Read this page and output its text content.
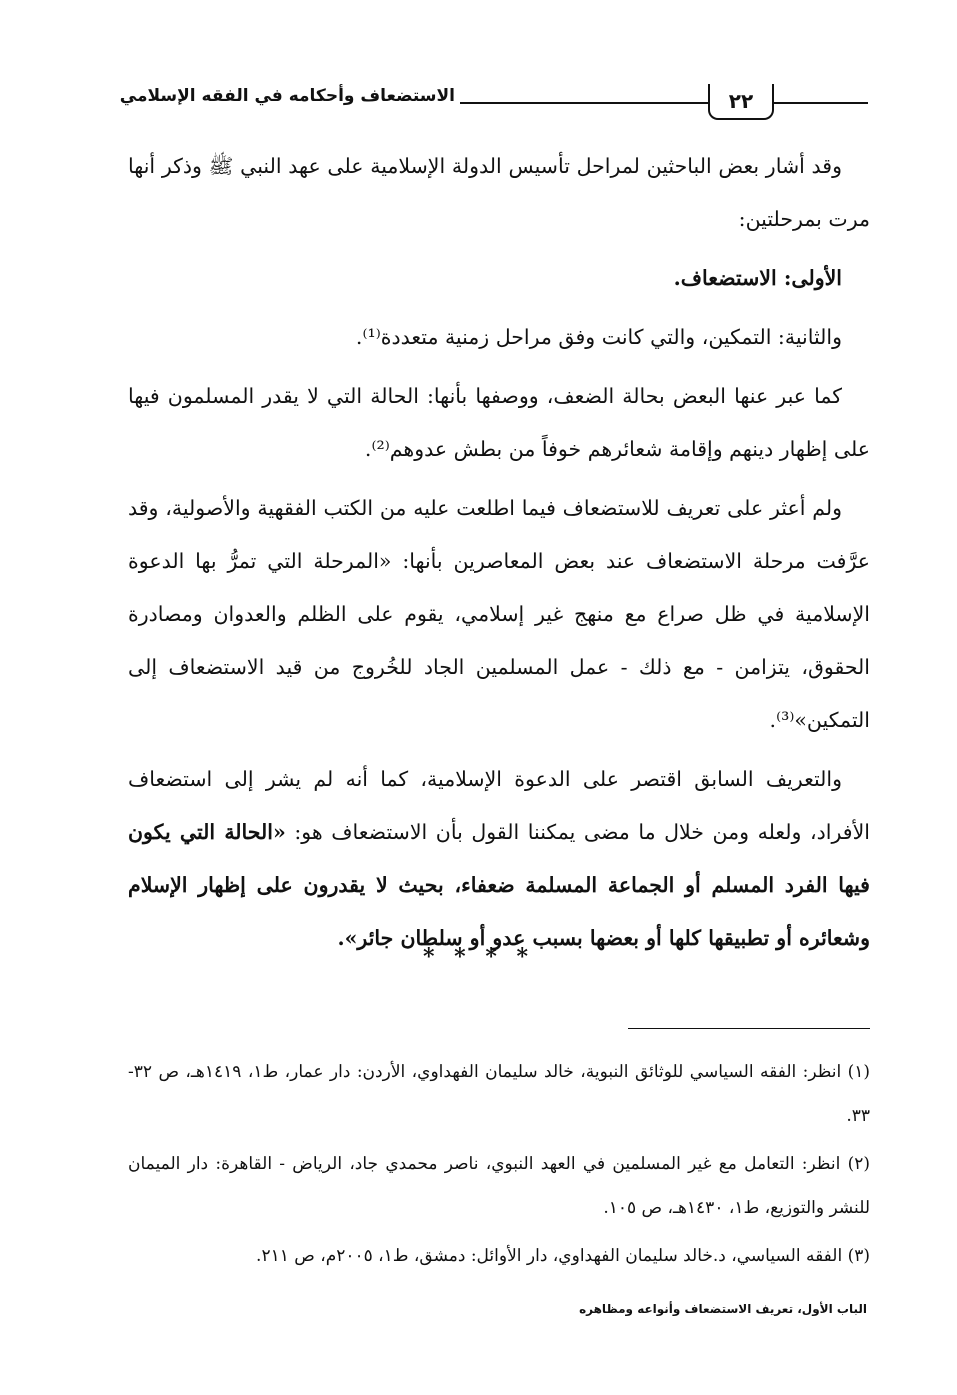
الاستضعاف وأحكامه في الفقه الإسلامي	٢٢

وقد أشار بعض الباحثين لمراحل تأسيس الدولة الإسلامية على عهد النبي ﷺ وذكر أنها مرت بمرحلتين:

الأولى: الاستضعاف.

والثانية: التمكين، والتي كانت وفق مراحل زمنية متعددة⁽¹⁾.

كما عبر عنها البعض بحالة الضعف، ووصفها بأنها: الحالة التي لا يقدر المسلمون فيها على إظهار دينهم وإقامة شعائرهم خوفاً من بطش عدوهم⁽²⁾.

ولم أعثر على تعريف للاستضعاف فيما اطلعت عليه من الكتب الفقهية والأصولية، وقد عرَّفت مرحلة الاستضعاف عند بعض المعاصرين بأنها: «المرحلة التي تمرُّ بها الدعوة الإسلامية في ظل صراع مع منهج غير إسلامي، يقوم على الظلم والعدوان ومصادرة الحقوق، يتزامن - مع ذلك - عمل المسلمين الجاد للخُروج من قيد الاستضعاف إلى التمكين»⁽³⁾.

والتعريف السابق اقتصر على الدعوة الإسلامية، كما أنه لم يشر إلى استضعاف الأفراد، ولعله ومن خلال ما مضى يمكننا القول بأن الاستضعاف هو: «الحالة التي يكون فيها الفرد المسلم أو الجماعة المسلمة ضعفاء، بحيث لا يقدرون على إظهار الإسلام وشعائره أو تطبيقها كلها أو بعضها بسبب عدو أو سلطان جائر».

* * * *

(١) انظر: الفقه السياسي للوثائق النبوية، خالد سليمان الفهداوي، الأردن: دار عمار، ط١، ١٤١٩هـ، ص ٣٢- ٣٣.

(٢) انظر: التعامل مع غير المسلمين في العهد النبوي، ناصر محمدي جاد، الرياض - القاهرة: دار الميمان للنشر والتوزيع، ط١، ١٤٣٠هـ، ص ١٠٥.

(٣) الفقه السياسي، د.خالد سليمان الفهداوي، دار الأوائل: دمشق، ط١، ٢٠٠٥م، ص ٢١١.

الباب الأول، تعريف الاستضعاف وأنواعه ومظاهره
